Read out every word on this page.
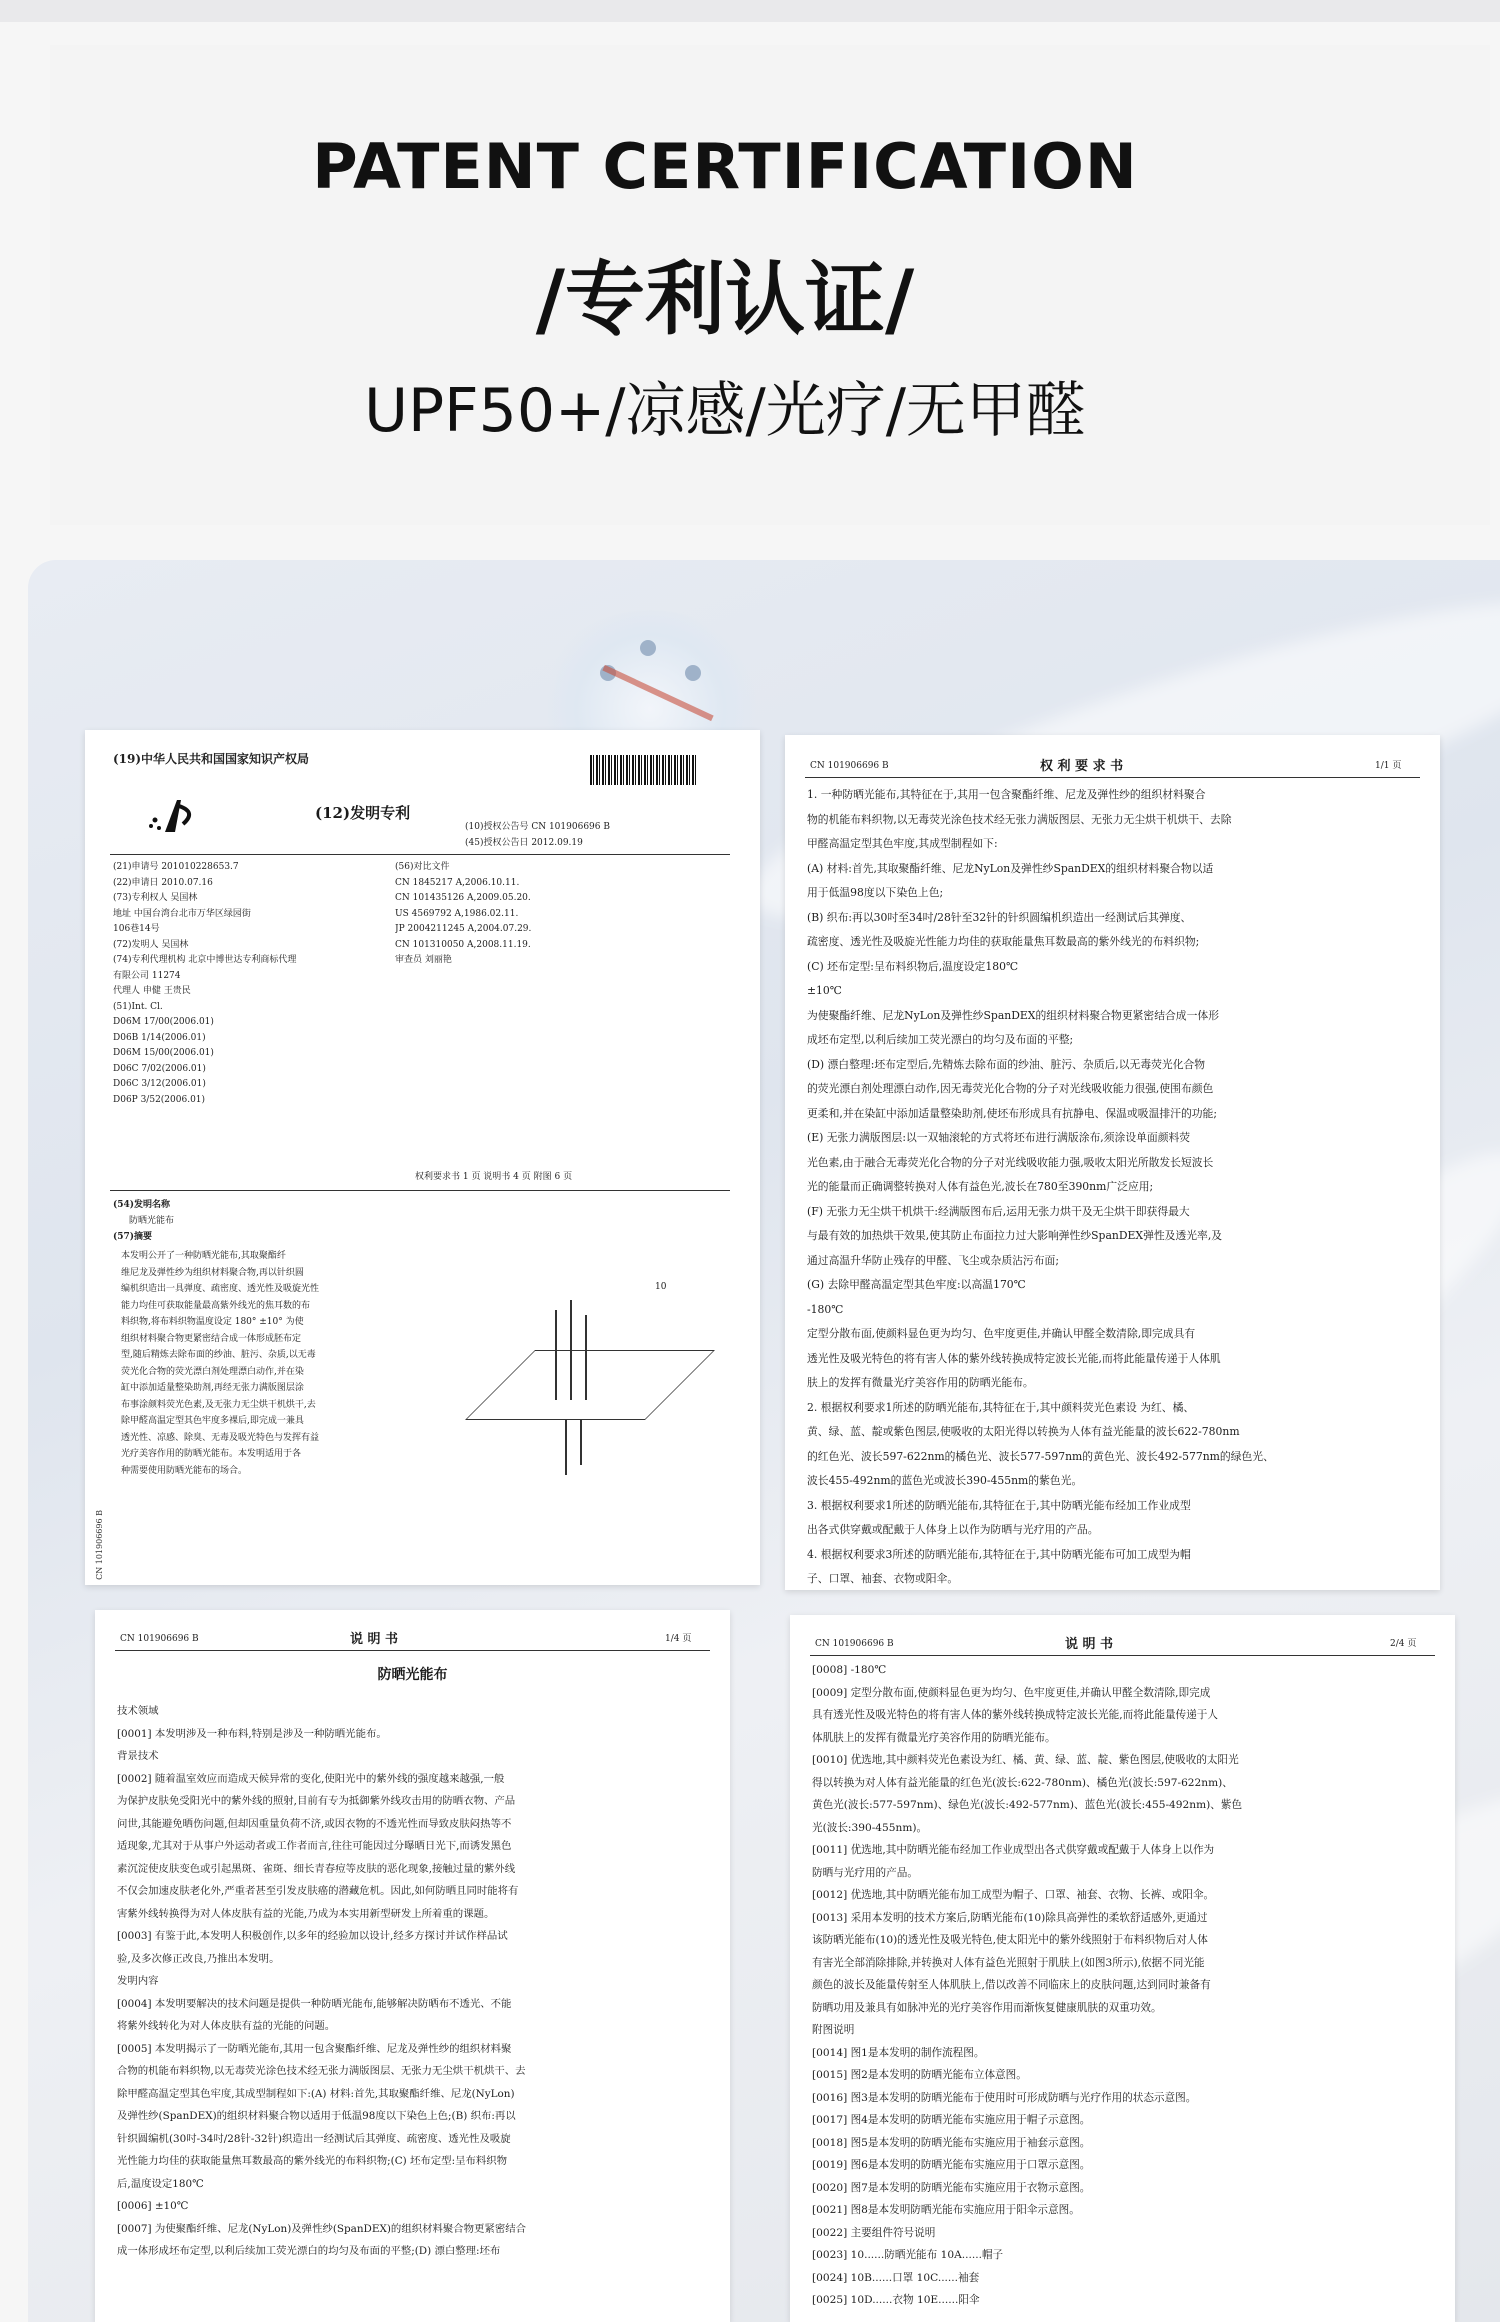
PATENT CERTIFICATION
/专利认证/
UPF50+/凉感/光疗/无甲醛
(19)中华人民共和国国家知识产权局
(12)发明专利
(10)授权公告号 CN 101906696 B
(45)授权公告日 2012.09.19
(21)申请号 201010228653.7
(22)申请日 2010.07.16
(73)专利权人 吴国林
地址 中国台湾台北市万华区绿园街
106巷14号
(72)发明人 吴国林
(74)专利代理机构 北京中博世达专利商标代理
有限公司 11274
代理人 申健 王贵民
(51)Int. Cl.
D06M 17/00(2006.01)
D06B 1/14(2006.01)
D06M 15/00(2006.01)
D06C 7/02(2006.01)
D06C 3/12(2006.01)
D06P 3/52(2006.01)
(56)对比文件
CN 1845217 A,2006.10.11.
CN 101435126 A,2009.05.20.
US 4569792 A,1986.02.11.
JP 2004211245 A,2004.07.29.
CN 101310050 A,2008.11.19.
审查员 刘丽艳
权利要求书 1 页 说明书 4 页 附图 6 页
(54)发明名称
防晒光能布
(57)摘要
本发明公开了一种防晒光能布,其取聚酯纤
维尼龙及弹性纱为组织材料聚合物,再以针织圆
编机织造出一具弹度、疏密度、透光性及吸旋光性
能力均佳可获取能量最高紫外线光的焦耳数的布
料织物,将布料织物温度设定 180° ±10° 为使
组织材料聚合物更紧密结合成一体形成胚布定
型,随后精炼去除布面的纱油、脏污、杂质,以无毒
荧光化合物的荧光漂白剂处理漂白动作,并在染
缸中添加适量整染助剂,再经无张力满版图层涂
布事涂颜料荧光色素,及无张力无尘烘干机烘干,去
除甲醛高温定型其色牢度多裸后,即完成一兼具
透光性、凉感、除臭、无毒及吸光特色与发挥有益
光疗美容作用的防晒光能布。本发明适用于各
种需要使用防晒光能布的场合。
10
CN 101906696 B
CN 101906696 B	权 利 要 求 书	1/1 页
1. 一种防晒光能布,其特征在于,其用一包含聚酯纤维、尼龙及弹性纱的组织材料聚合
物的机能布料织物,以无毒荧光涂色技术经无张力满版图层、无张力无尘烘干机烘干、去除
甲醛高温定型其色牢度,其成型制程如下:
(A) 材料:首先,其取聚酯纤维、尼龙NyLon及弹性纱SpanDEX的组织材料聚合物以适
用于低温98度以下染色上色;
(B) 织布:再以30吋至34吋/28针至32针的针织圆编机织造出一经测试后其弹度、
疏密度、透光性及吸旋光性能力均佳的获取能量焦耳数最高的紫外线光的布料织物;
(C) 坯布定型:呈布料织物后,温度设定180℃
±10℃
为使聚酯纤维、尼龙NyLon及弹性纱SpanDEX的组织材料聚合物更紧密结合成一体形
成坯布定型,以利后续加工荧光漂白的均匀及布面的平整;
(D) 漂白整理:坯布定型后,先精炼去除布面的纱油、脏污、杂质后,以无毒荧光化合物
的荧光漂白剂处理漂白动作,因无毒荧光化合物的分子对光线吸收能力很强,使围布颜色
更柔和,并在染缸中添加适量整染助剂,使坯布形成具有抗静电、保温或吸温排汗的功能;
(E) 无张力满版图层:以一双轴滚轮的方式将坯布进行满版涂布,须涂设单面颜料荧
光色素,由于融合无毒荧光化合物的分子对光线吸收能力强,吸收太阳光所散发长短波长
光的能量而正确调整转换对人体有益色光,波长在780至390nm广泛应用;
(F) 无张力无尘烘干机烘干:经满版图布后,运用无张力烘干及无尘烘干即获得最大
与最有效的加热烘干效果,使其防止布面拉力过大影响弹性纱SpanDEX弹性及透光率,及
通过高温升华防止残存的甲醛、飞尘或杂质沾污布面;
(G) 去除甲醛高温定型其色牢度:以高温170℃
-180℃
定型分散布面,使颜料显色更为均匀、色牢度更佳,并确认甲醛全数清除,即完成具有
透光性及吸光特色的将有害人体的紫外线转换成特定波长光能,而将此能量传递于人体肌
肤上的发挥有微量光疗美容作用的防晒光能布。
2. 根据权利要求1所述的防晒光能布,其特征在于,其中颜料荧光色素设 为红、橘、
黄、绿、蓝、靛或紫色图层,使吸收的太阳光得以转换为人体有益光能量的波长622-780nm
的红色光、波长597-622nm的橘色光、波长577-597nm的黄色光、波长492-577nm的绿色光、
波长455-492nm的蓝色光或波长390-455nm的紫色光。
3. 根据权利要求1所述的防晒光能布,其特征在于,其中防晒光能布经加工作业成型
出各式供穿戴或配戴于人体身上以作为防晒与光疗用的产品。
4. 根据权利要求3所述的防晒光能布,其特征在于,其中防晒光能布可加工成型为帽
子、口罩、袖套、衣物或阳伞。
CN 101906696 B	说 明 书	1/4 页
防晒光能布
技术领域
[0001] 本发明涉及一种布料,特别是涉及一种防晒光能布。
背景技术
[0002] 随着温室效应而造成天候异常的变化,使阳光中的紫外线的强度越来越强,一般
为保护皮肤免受阳光中的紫外线的照射,目前有专为抵御紫外线攻击用的防晒衣物、产品
问世,其能避免晒伤问题,但却因重量负荷不济,或因衣物的不透光性而导致皮肤闷热等不
适现象,尤其对于从事户外运动者或工作者而言,往往可能因过分曝晒日光下,而诱发黑色
素沉淀使皮肤变色或引起黑斑、雀斑、细长青春痘等皮肤的恶化现象,接触过量的紫外线
不仅会加速皮肤老化外,严重者甚至引发皮肤癌的潜藏危机。因此,如何防晒且同时能将有
害紫外线转换得为对人体皮肤有益的光能,乃成为本实用新型研发上所着重的课题。
[0003] 有鉴于此,本发明人积极创作,以多年的经验加以设计,经多方探讨并试作样品试
验,及多次修正改良,乃推出本发明。
发明内容
[0004] 本发明要解决的技术问题是提供一种防晒光能布,能够解决防晒布不透光、不能
将紫外线转化为对人体皮肤有益的光能的问题。
[0005] 本发明揭示了一防晒光能布,其用一包含聚酯纤维、尼龙及弹性纱的组织材料聚
合物的机能布料织物,以无毒荧光涂色技术经无张力满版图层、无张力无尘烘干机烘干、去
除甲醛高温定型其色牢度,其成型制程如下:(A) 材料:首先,其取聚酯纤维、尼龙(NyLon)
及弹性纱(SpanDEX)的组织材料聚合物以适用于低温98度以下染色上色;(B) 织布:再以
针织圆编机(30吋-34吋/28针-32针)织造出一经测试后其弹度、疏密度、透光性及吸旋
光性能力均佳的获取能量焦耳数最高的紫外线光的布料织物;(C) 坯布定型:呈布料织物
后,温度设定180℃
[0006] ±10℃
[0007] 为使聚酯纤维、尼龙(NyLon)及弹性纱(SpanDEX)的组织材料聚合物更紧密结合
成一体形成坯布定型,以利后续加工荧光漂白的均匀及布面的平整;(D) 漂白整理:坯布
CN 101906696 B	说 明 书	2/4 页
[0008] -180℃
[0009] 定型分散布面,使颜料显色更为均匀、色牢度更佳,并确认甲醛全数清除,即完成
具有透光性及吸光特色的将有害人体的紫外线转换成特定波长光能,而将此能量传递于人
体肌肤上的发挥有微量光疗美容作用的防晒光能布。
[0010] 优选地,其中颜料荧光色素设为红、橘、黄、绿、蓝、靛、紫色图层,使吸收的太阳光
得以转换为对人体有益光能量的红色光(波长:622-780nm)、橘色光(波长:597-622nm)、
黄色光(波长:577-597nm)、绿色光(波长:492-577nm)、蓝色光(波长:455-492nm)、紫色
光(波长:390-455nm)。
[0011] 优选地,其中防晒光能布经加工作业成型出各式供穿戴或配戴于人体身上以作为
防晒与光疗用的产品。
[0012] 优选地,其中防晒光能布加工成型为帽子、口罩、袖套、衣物、长裤、或阳伞。
[0013] 采用本发明的技术方案后,防晒光能布(10)除具高弹性的柔软舒适感外,更通过
该防晒光能布(10)的透光性及吸光特色,使太阳光中的紫外线照射于布料织物后对人体
有害光全部消除排除,并转换对人体有益色光照射于肌肤上(如图3所示),依据不同光能
颜色的波长及能量传射至人体肌肤上,借以改善不同临床上的皮肤问题,达到同时兼备有
防晒功用及兼具有如脉冲光的光疗美容作用而渐恢复健康肌肤的双重功效。
附图说明
[0014] 图1是本发明的制作流程图。
[0015] 图2是本发明的防晒光能布立体意图。
[0016] 图3是本发明的防晒光能布于使用时可形成防晒与光疗作用的状态示意图。
[0017] 图4是本发明的防晒光能布实施应用于帽子示意图。
[0018] 图5是本发明的防晒光能布实施应用于袖套示意图。
[0019] 图6是本发明的防晒光能布实施应用于口罩示意图。
[0020] 图7是本发明的防晒光能布实施应用于衣物示意图。
[0021] 图8是本发明防晒光能布实施应用于阳伞示意图。
[0022] 主要组件符号说明
[0023] 10......防晒光能布 10A......帽子
[0024] 10B......口罩 10C......袖套
[0025] 10D......衣物 10E......阳伞
